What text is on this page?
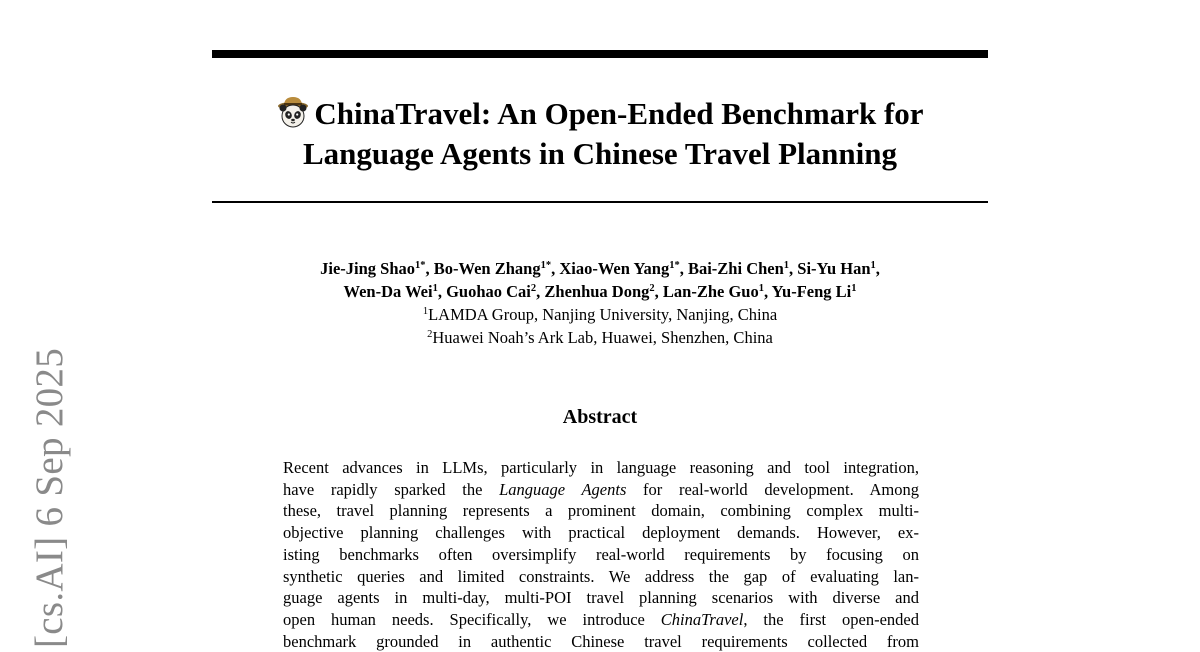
ChinaTravel: An Open-Ended Benchmark for
Language Agents in Chinese Travel Planning
Jie-Jing Shao$^{1*}$, Bo-Wen Zhang$^{1*}$, Xiao-Wen Yang$^{1*}$, Bai-Zhi Chen$^1$, Si-Yu Han$^1$,
Wen-Da Wei$^1$, Guohao Cai$^2$, Zhenhua Dong$^2$, Lan-Zhe Guo$^1$, Yu-Feng Li$^1$
$^1$LAMDA Group, Nanjing University, Nanjing, China
$^2$Huawei Noah’s Ark Lab, Huawei, Shenzhen, China
Abstract
Recent advances in LLMs, particularly in language reasoning and tool integration,
have rapidly sparked the Language Agents for real-world development. Among
these, travel planning represents a prominent domain, combining complex multi-
objective planning challenges with practical deployment demands. However, ex-
isting benchmarks often oversimplify real-world requirements by focusing on
synthetic queries and limited constraints. We address the gap of evaluating lan-
guage agents in multi-day, multi-POI travel planning scenarios with diverse and
open human needs. Specifically, we introduce ChinaTravel, the first open-ended
benchmark grounded in authentic Chinese travel requirements collected from
[cs.AI] 6 Sep 2025
